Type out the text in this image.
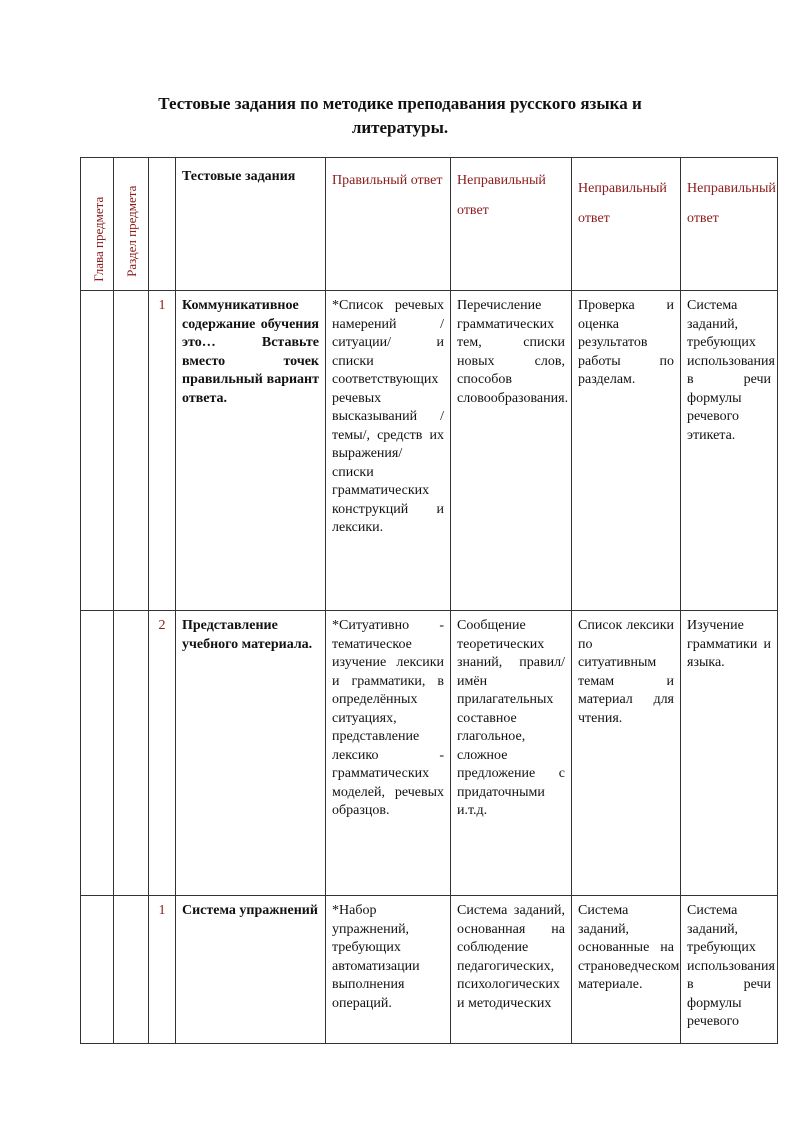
Тестовые задания по методике преподавания русского языка и литературы.
Глава предмета	Раздел предмета		Тестовые задания	Правильный ответ	Неправильный ответ	Неправильный ответ	Неправильный ответ
		1	Коммуникативное содержание обучения это… Вставьте вместо точек правильный вариант ответа.	*Список речевых намерений /ситуации/ и списки соответствующих речевых высказываний / темы/, средств их выражения/ списки грамматических конструкций и лексики.	Перечисление грамматических тем, списки новых слов, способов словообразования.	Проверка и оценка результатов работы по разделам.	Система заданий, требующих использования в речи формулы речевого этикета.
		2	Представление учебного материала.	*Ситуативно - тематическое изучение лексики и грамматики, в определённых ситуациях, представление лексико - грамматических моделей, речевых образцов.	Сообщение теоретических знаний, правил/ имён прилагательных составное глагольное, сложное предложение с придаточными и.т.д.	Список лексики по ситуативным темам и материал для чтения.	Изучение грамматики и языка.
		1	Система упражнений	*Набор упражнений, требующих автоматизации выполнения операций.	Система заданий, основанная на соблюдение педагогических, психологических и методических	Система заданий, основанные на страноведческом материале.	Система заданий, требующих использования в речи формулы речевого
